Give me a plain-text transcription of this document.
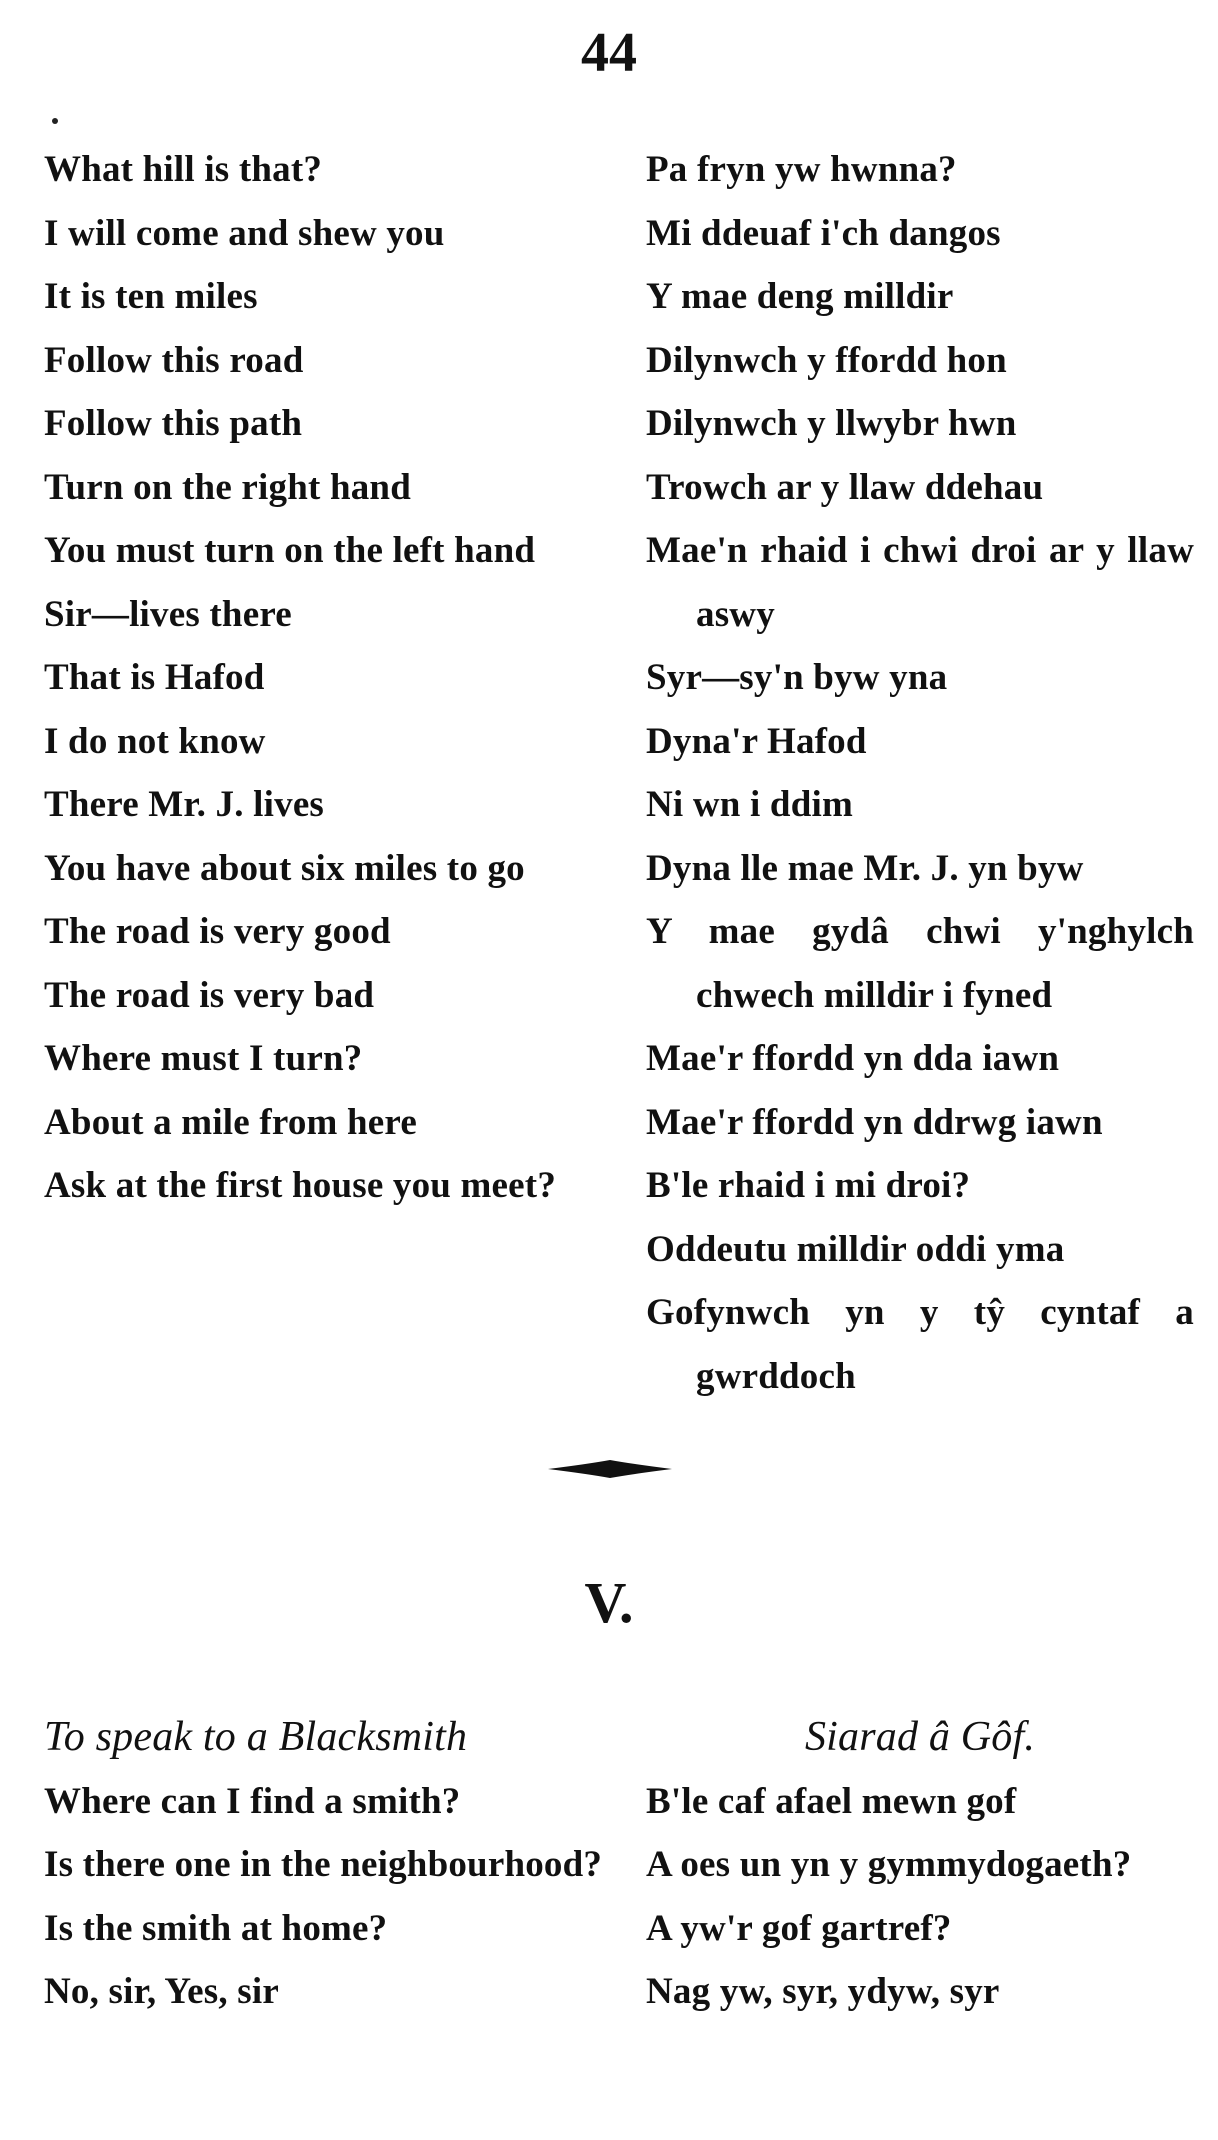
44
What hill is that?
I will come and shew you
It is ten miles
Follow this road
Follow this path
Turn on the right hand
You must turn on the left hand
Sir—lives there
That is Hafod
I do not know
There Mr. J. lives
You have about six miles to go
The road is very good
The road is very bad
Where must I turn?
About a mile from here
Ask at the first house you meet?
Pa fryn yw hwnna?
Mi ddeuaf i'ch dangos
Y mae deng milldir
Dilynwch y ffordd hon
Dilynwch y llwybr hwn
Trowch ar y llaw ddehau
Mae'n rhaid i chwi droi ar y llaw aswy
Syr—sy'n byw yna
Dyna'r Hafod
Ni wn i ddim
Dyna lle mae Mr. J. yn byw
Y mae gydâ chwi y'nghylch chwech milldir i fyned
Mae'r ffordd yn dda iawn
Mae'r ffordd yn ddrwg iawn
B'le rhaid i mi droi?
Oddeutu milldir oddi yma
Gofynwch yn y tŷ cyntaf a gwrddoch
V.
To speak to a Blacksmith
Where can I find a smith?
Is there one in the neighbourhood?
Is the smith at home?
No, sir, Yes, sir
Siarad â Gôf.
B'le caf afael mewn gof
A oes un yn y gymmydogaeth?
A yw'r gof gartref?
Nag yw, syr, ydyw, syr
